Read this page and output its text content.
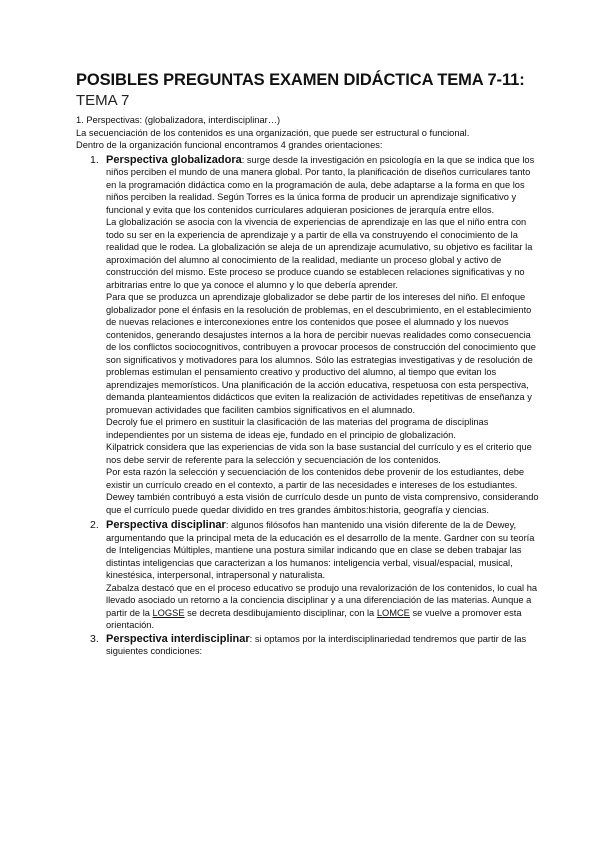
POSIBLES PREGUNTAS EXAMEN DIDÁCTICA TEMA 7-11:
TEMA 7

1. Perspectivas: (globalizadora, interdisciplinar…)

La secuenciación de los contenidos es una organización, que puede ser estructural o funcional.

Dentro de la organización funcional encontramos 4 grandes orientaciones:

1. Perspectiva globalizadora: surge desde la investigación en psicología en la que se indica que los niños perciben el mundo de una manera global. Por tanto, la planificación de diseños curriculares tanto en la programación didáctica como en la programación de aula, debe adaptarse a la forma en que los niños perciben la realidad. Según Torres es la única forma de producir un aprendizaje significativo y funcional y evita que los contenidos curriculares adquieran posiciones de jerarquía entre ellos.
La globalización se asocia con la vivencia de experiencias de aprendizaje en las que el niño entra con todo su ser en la experiencia de aprendizaje y a partir de ella va construyendo el conocimiento de la realidad que le rodea. La globalización se aleja de un aprendizaje acumulativo, su objetivo es facilitar la aproximación del alumno al conocimiento de la realidad, mediante un proceso global y activo de construcción del mismo. Este proceso se produce cuando se establecen relaciones significativas y no arbitrarias entre lo que ya conoce el alumno y lo que debería aprender.
Para que se produzca un aprendizaje globalizador se debe partir de los intereses del niño. El enfoque globalizador pone el énfasis en la resolución de problemas, en el descubrimiento, en el establecimiento de nuevas relaciones e interconexiones entre los contenidos que posee el alumnado y los nuevos contenidos, generando desajustes internos a la hora de percibir nuevas realidades como consecuencia de los conflictos sociocognitivos, contribuyen a provocar procesos de construcción del conocimiento que son significativos y motivadores para los alumnos. Sólo las estrategias investigativas y de resolución de problemas estimulan el pensamiento creativo y productivo del alumno, al tiempo que evitan los aprendizajes memorísticos. Una planificación de la acción educativa, respetuosa con esta perspectiva, demanda planteamientos didácticos que eviten la realización de actividades repetitivas de enseñanza y promuevan actividades que faciliten cambios significativos en el alumnado.
Decroly fue el primero en sustituir la clasificación de las materias del programa de disciplinas independientes por un sistema de ideas eje, fundado en el principio de globalización.
Kilpatrick considera que las experiencias de vida son la base sustancial del currículo y es el criterio que nos debe servir de referente para la selección y secuenciación de los contenidos.
Por esta razón la selección y secuenciación de los contenidos debe provenir de los estudiantes, debe existir un currículo creado en el contexto, a partir de las necesidades e intereses de los estudiantes.
Dewey también contribuyó a esta visión de currículo desde un punto de vista comprensivo, considerando que el currículo puede quedar dividido en tres grandes ámbitos:historia, geografía y ciencias.
2. Perspectiva disciplinar: algunos filósofos han mantenido una visión diferente de la de Dewey, argumentando que la principal meta de la educación es el desarrollo de la mente. Gardner con su teoría de Inteligencias Múltiples, mantiene una postura similar indicando que en clase se deben trabajar las distintas inteligencias que caracterizan a los humanos: inteligencia verbal, visual/espacial, musical, kinestésica, interpersonal, intrapersonal y naturalista.
Zabalza destacó que en el proceso educativo se produjo una revalorización de los contenidos, lo cual ha llevado asociado un retorno a la conciencia disciplinar y a una diferenciación de las materias. Aunque a partir de la LOGSE se decreta desdibujamiento disciplinar, con la LOMCE se vuelve a promover esta orientación.
3. Perspectiva interdisciplinar: si optamos por la interdisciplinariedad tendremos que partir de las siguientes condiciones:
